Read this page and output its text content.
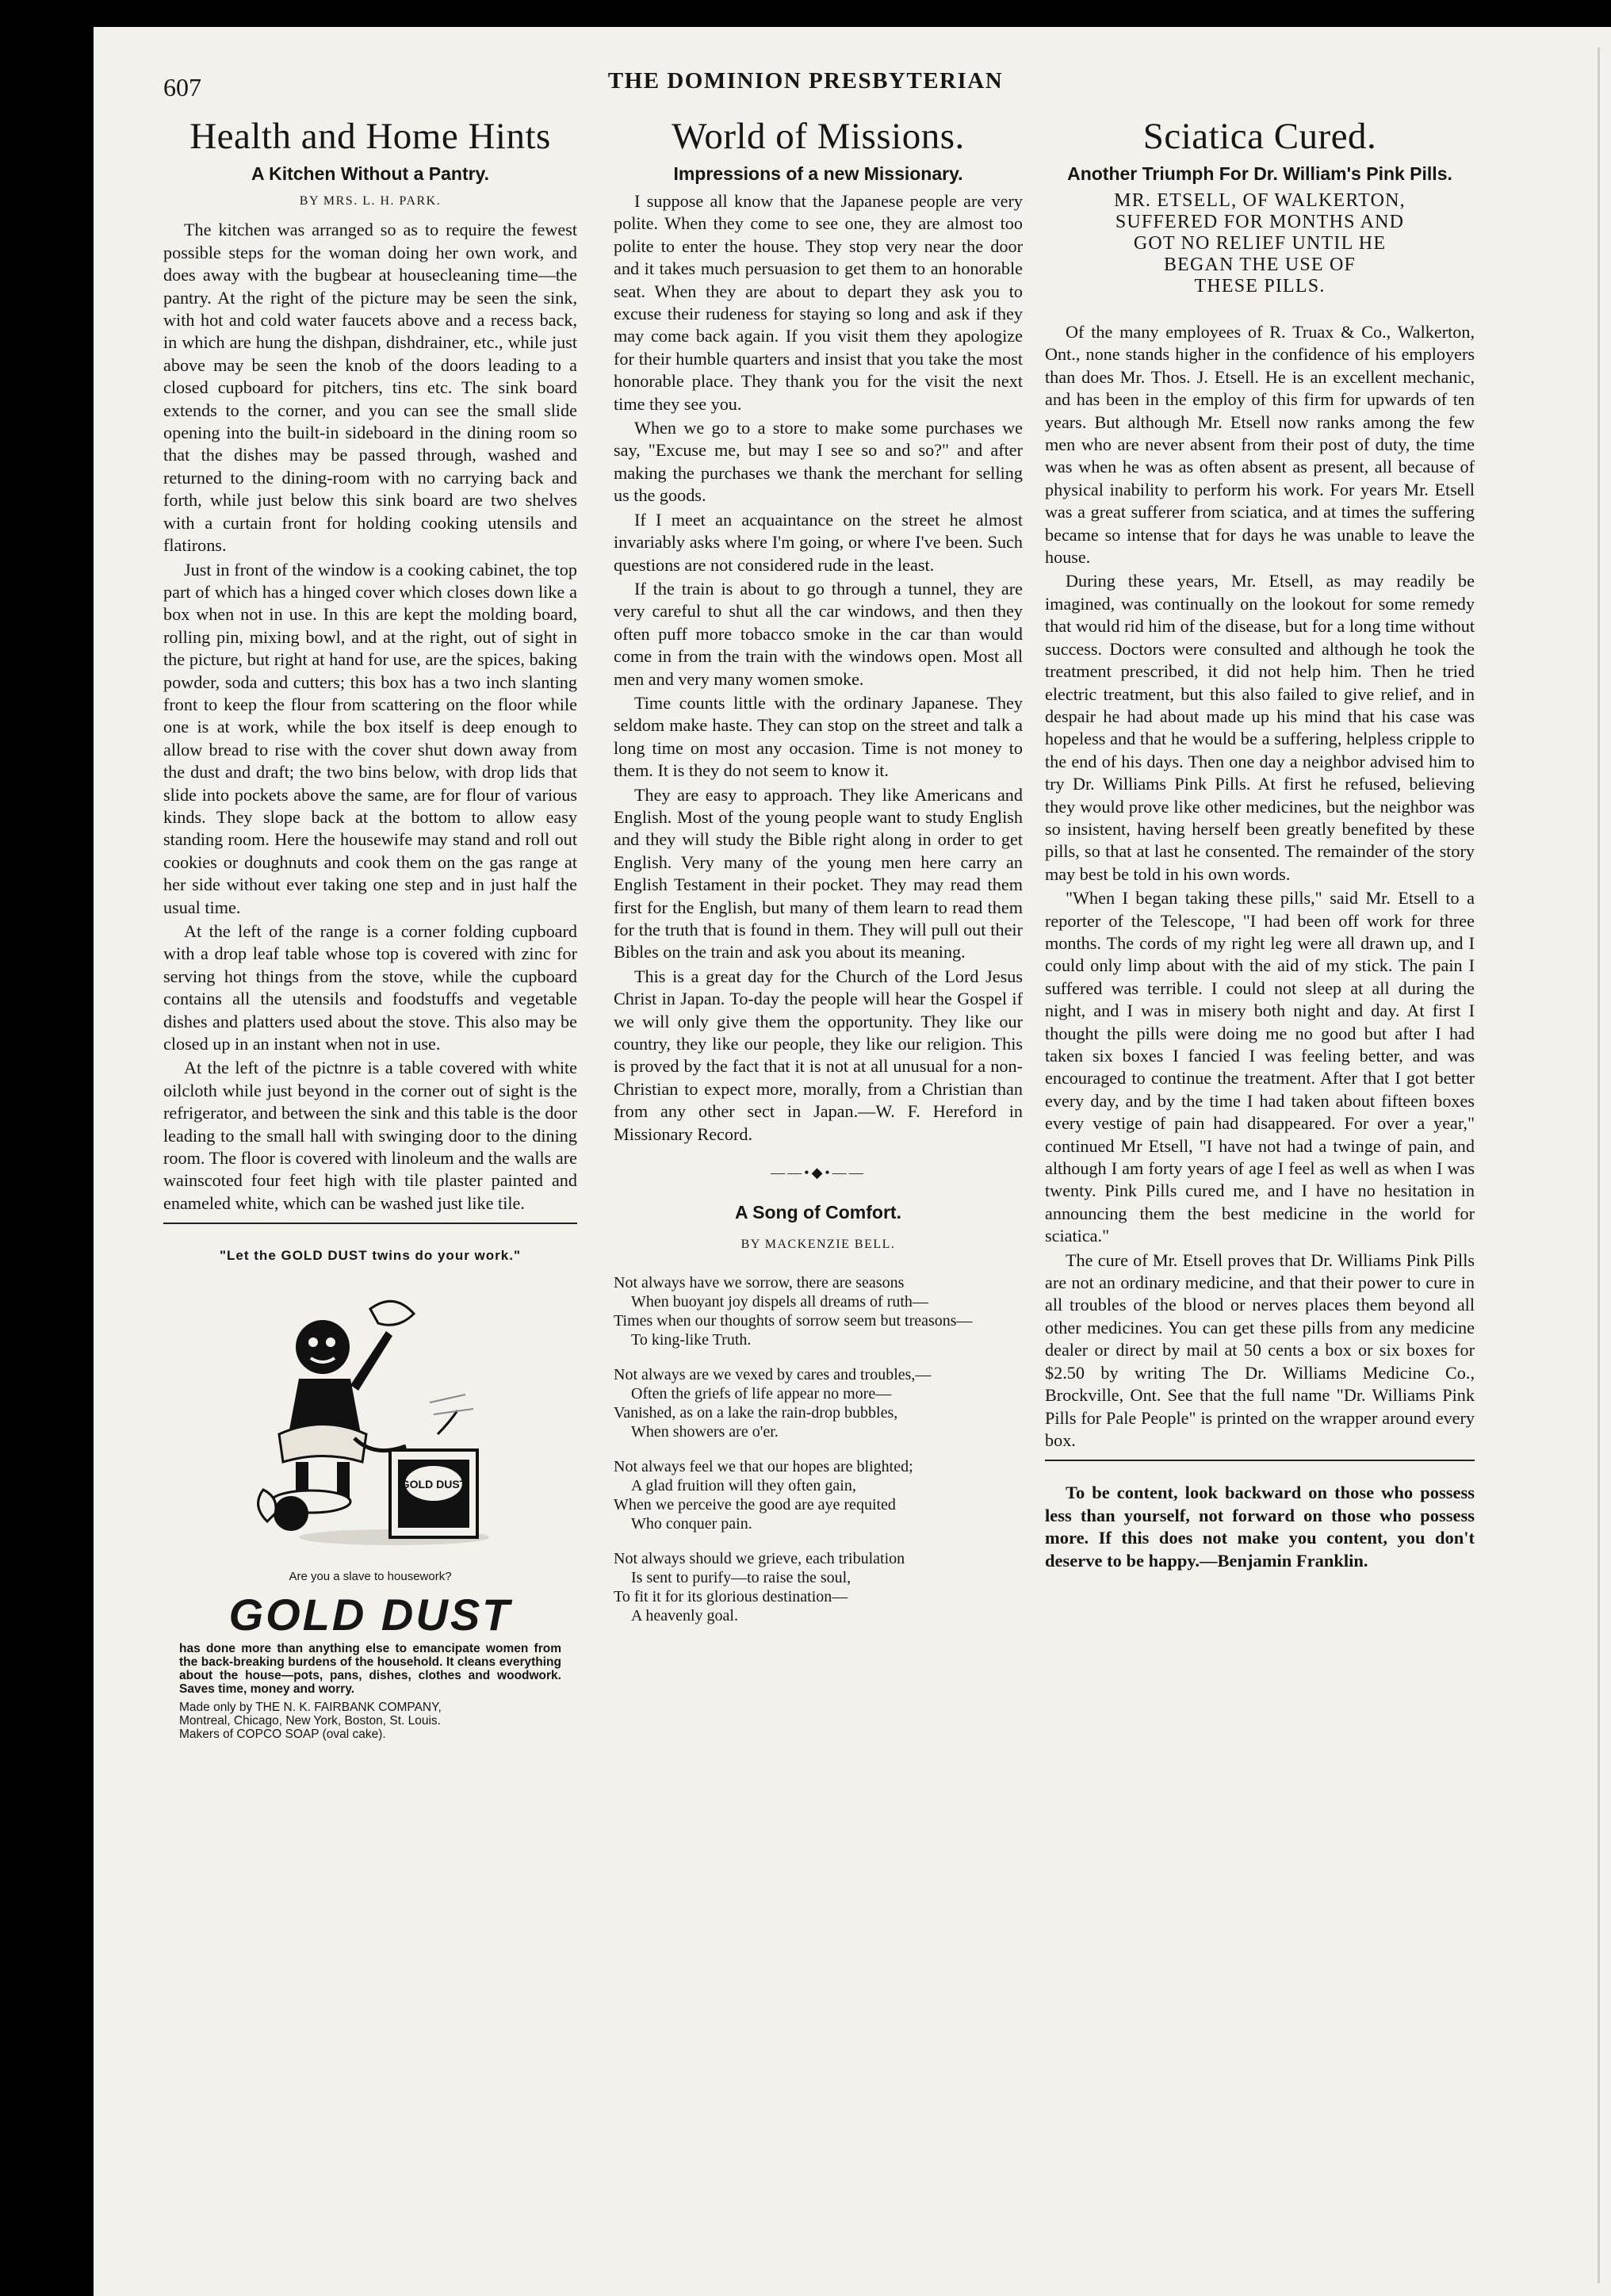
607	THE DOMINION PRESBYTERIAN
Health and Home Hints
A Kitchen Without a Pantry.
BY MRS. L. H. PARK.

The kitchen was arranged so as to require the fewest possible steps for the woman doing her own work, and does away with the bugbear at housecleaning time—the pantry. At the right of the picture may be seen the sink, with hot and cold water faucets above and a recess back, in which are hung the dishpan, dishdrainer, etc., while just above may be seen the knob of the doors leading to a closed cupboard for pitchers, tins etc. The sink board extends to the corner, and you can see the small slide opening into the built-in sideboard in the dining room so that the dishes may be passed through, washed and returned to the dining-room with no carrying back and forth, while just below this sink board are two shelves with a curtain front for holding cooking utensils and flatirons.

Just in front of the window is a cooking cabinet, the top part of which has a hinged cover which closes down like a box when not in use. In this are kept the molding board, rolling pin, mixing bowl, and at the right, out of sight in the picture, but right at hand for use, are the spices, baking powder, soda and cutters; this box has a two inch slanting front to keep the flour from scattering on the floor while one is at work, while the box itself is deep enough to allow bread to rise with the cover shut down away from the dust and draft; the two bins below, with drop lids that slide into pockets above the same, are for flour of various kinds. They slope back at the bottom to allow easy standing room. Here the housewife may stand and roll out cookies or doughnuts and cook them on the gas range at her side without ever taking one step and in just half the usual time.

At the left of the range is a corner folding cupboard with a drop leaf table whose top is covered with zinc for serving hot things from the stove, while the cupboard contains all the utensils and foodstuffs and vegetable dishes and platters used about the stove. This also may be closed up in an instant when not in use.

At the left of the pictnre is a table covered with white oilcloth while just beyond in the corner out of sight is the refrigerator, and between the sink and this table is the door leading to the small hall with swinging door to the dining room. The floor is covered with linoleum and the walls are wainscoted four feet high with tile plaster painted and enameled white, which can be washed just like tile.

"Let the GOLD DUST twins do your work."
GOLD DUST
Are you a slave to housework?
GOLD DUST
has done more than anything else to emancipate women from the back-breaking burdens of the household. It cleans everything about the house—pots, pans, dishes, clothes and woodwork. Saves time, money and worry.
Made only by THE N. K. FAIRBANK COMPANY,
Montreal, Chicago, New York, Boston, St. Louis.
Makers of COPCO SOAP (oval cake).
World of Missions.
Impressions of a new Missionary.

I suppose all know that the Japanese people are very polite. When they come to see one, they are almost too polite to enter the house. They stop very near the door and it takes much persuasion to get them to an honorable seat. When they are about to depart they ask you to excuse their rudeness for staying so long and ask if they may come back again. If you visit them they apologize for their humble quarters and insist that you take the most honorable place. They thank you for the visit the next time they see you.

When we go to a store to make some purchases we say, "Excuse me, but may I see so and so?" and after making the purchases we thank the merchant for selling us the goods.

If I meet an acquaintance on the street he almost invariably asks where I'm going, or where I've been. Such questions are not considered rude in the least.

If the train is about to go through a tunnel, they are very careful to shut all the car windows, and then they often puff more tobacco smoke in the car than would come in from the train with the windows open. Most all men and very many women smoke.

Time counts little with the ordinary Japanese. They seldom make haste. They can stop on the street and talk a long time on most any occasion. Time is not money to them. It is they do not seem to know it.

They are easy to approach. They like Americans and English. Most of the young people want to study English and they will study the Bible right along in order to get English. Very many of the young men here carry an English Testament in their pocket. They may read them first for the English, but many of them learn to read them for the truth that is found in them. They will pull out their Bibles on the train and ask you about its meaning.

This is a great day for the Church of the Lord Jesus Christ in Japan. To-day the people will hear the Gospel if we will only give them the opportunity. They like our country, they like our people, they like our religion. This is proved by the fact that it is not at all unusual for a non-Christian to expect more, morally, from a Christian than from any other sect in Japan.—W. F. Hereford in Missionary Record.

——•◆•——
A Song of Comfort.
BY MACKENZIE BELL.
Not always have we sorrow, there are seasons
When buoyant joy dispels all dreams of ruth—
Times when our thoughts of sorrow seem but treasons—
To king-like Truth.
Not always are we vexed by cares and troubles,—
Often the griefs of life appear no more—
Vanished, as on a lake the rain-drop bubbles,
When showers are o'er.
Not always feel we that our hopes are blighted;
A glad fruition will they often gain,
When we perceive the good are aye requited
Who conquer pain.
Not always should we grieve, each tribulation
Is sent to purify—to raise the soul,
To fit it for its glorious destination—
A heavenly goal.
Sciatica Cured.
Another Triumph For Dr. William's Pink Pills.
MR. ETSELL, OF WALKERTON,
SUFFERED FOR MONTHS AND
GOT NO RELIEF UNTIL HE
BEGAN THE USE OF
THESE PILLS.

Of the many employees of R. Truax & Co., Walkerton, Ont., none stands higher in the confidence of his employers than does Mr. Thos. J. Etsell. He is an excellent mechanic, and has been in the employ of this firm for upwards of ten years. But although Mr. Etsell now ranks among the few men who are never absent from their post of duty, the time was when he was as often absent as present, all because of physical inability to perform his work. For years Mr. Etsell was a great sufferer from sciatica, and at times the suffering became so intense that for days he was unable to leave the house.

During these years, Mr. Etsell, as may readily be imagined, was continually on the lookout for some remedy that would rid him of the disease, but for a long time without success. Doctors were consulted and although he took the treatment prescribed, it did not help him. Then he tried electric treatment, but this also failed to give relief, and in despair he had about made up his mind that his case was hopeless and that he would be a suffering, helpless cripple to the end of his days. Then one day a neighbor advised him to try Dr. Williams Pink Pills. At first he refused, believing they would prove like other medicines, but the neighbor was so insistent, having herself been greatly benefited by these pills, so that at last he consented. The remainder of the story may best be told in his own words.

"When I began taking these pills," said Mr. Etsell to a reporter of the Telescope, "I had been off work for three months. The cords of my right leg were all drawn up, and I could only limp about with the aid of my stick. The pain I suffered was terrible. I could not sleep at all during the night, and I was in misery both night and day. At first I thought the pills were doing me no good but after I had taken six boxes I fancied I was feeling better, and was encouraged to continue the treatment. After that I got better every day, and by the time I had taken about fifteen boxes every vestige of pain had disappeared. For over a year," continued Mr Etsell, "I have not had a twinge of pain, and although I am forty years of age I feel as well as when I was twenty. Pink Pills cured me, and I have no hesitation in announcing them the best medicine in the world for sciatica."

The cure of Mr. Etsell proves that Dr. Williams Pink Pills are not an ordinary medicine, and that their power to cure in all troubles of the blood or nerves places them beyond all other medicines. You can get these pills from any medicine dealer or direct by mail at 50 cents a box or six boxes for $2.50 by writing The Dr. Williams Medicine Co., Brockville, Ont. See that the full name "Dr. Williams Pink Pills for Pale People" is printed on the wrapper around every box.

To be content, look backward on those who possess less than yourself, not forward on those who possess more. If this does not make you content, you don't deserve to be happy.—Benjamin Franklin.
